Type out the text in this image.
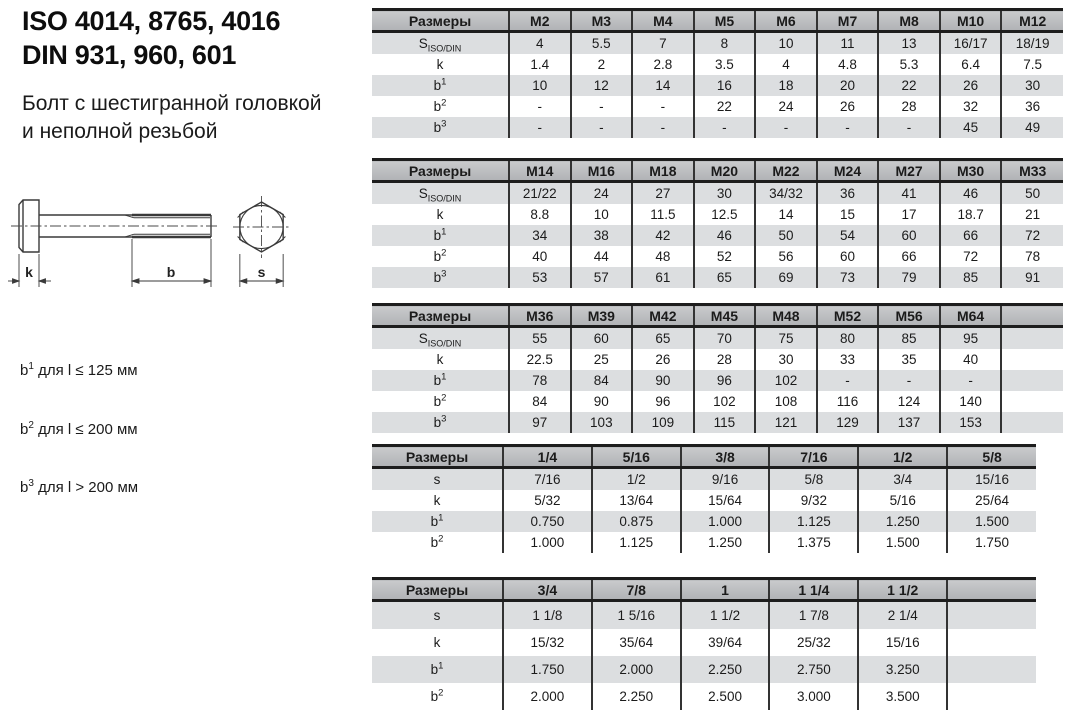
ISO 4014, 8765, 4016
DIN 931, 960, 601
Болт с шестигранной головкой
и неполной резьбой
k	b	s

$b^1$ для l ≤ 125 мм

$b^2$ для l ≤ 200 мм

$b^3$ для l > 200 мм

Размеры	M2	M3	M4	M5	M6	M7	M8	M10	M12
$S_{ISO/DIN}$	4	5.5	7	8	10	11	13	16/17	18/19
k	1.4	2	2.8	3.5	4	4.8	5.3	6.4	7.5
$b^1$	10	12	14	16	18	20	22	26	30
$b^2$	-	-	-	22	24	26	28	32	36
$b^3$	-	-	-	-	-	-	-	45	49
Размеры	M14	M16	M18	M20	M22	M24	M27	M30	M33
$S_{ISO/DIN}$	21/22	24	27	30	34/32	36	41	46	50
k	8.8	10	11.5	12.5	14	15	17	18.7	21
$b^1$	34	38	42	46	50	54	60	66	72
$b^2$	40	44	48	52	56	60	66	72	78
$b^3$	53	57	61	65	69	73	79	85	91
Размеры	M36	M39	M42	M45	M48	M52	M56	M64	
$S_{ISO/DIN}$	55	60	65	70	75	80	85	95	
k	22.5	25	26	28	30	33	35	40	
$b^1$	78	84	90	96	102	-	-	-	
$b^2$	84	90	96	102	108	116	124	140	
$b^3$	97	103	109	115	121	129	137	153	
Размеры	1/4	5/16	3/8	7/16	1/2	5/8
s	7/16	1/2	9/16	5/8	3/4	15/16
k	5/32	13/64	15/64	9/32	5/16	25/64
$b^1$	0.750	0.875	1.000	1.125	1.250	1.500
$b^2$	1.000	1.125	1.250	1.375	1.500	1.750
Размеры	3/4	7/8	1	1 1/4	1 1/2	
s	1 1/8	1 5/16	1 1/2	1 7/8	2 1/4	
k	15/32	35/64	39/64	25/32	15/16	
$b^1$	1.750	2.000	2.250	2.750	3.250	
$b^2$	2.000	2.250	2.500	3.000	3.500	
